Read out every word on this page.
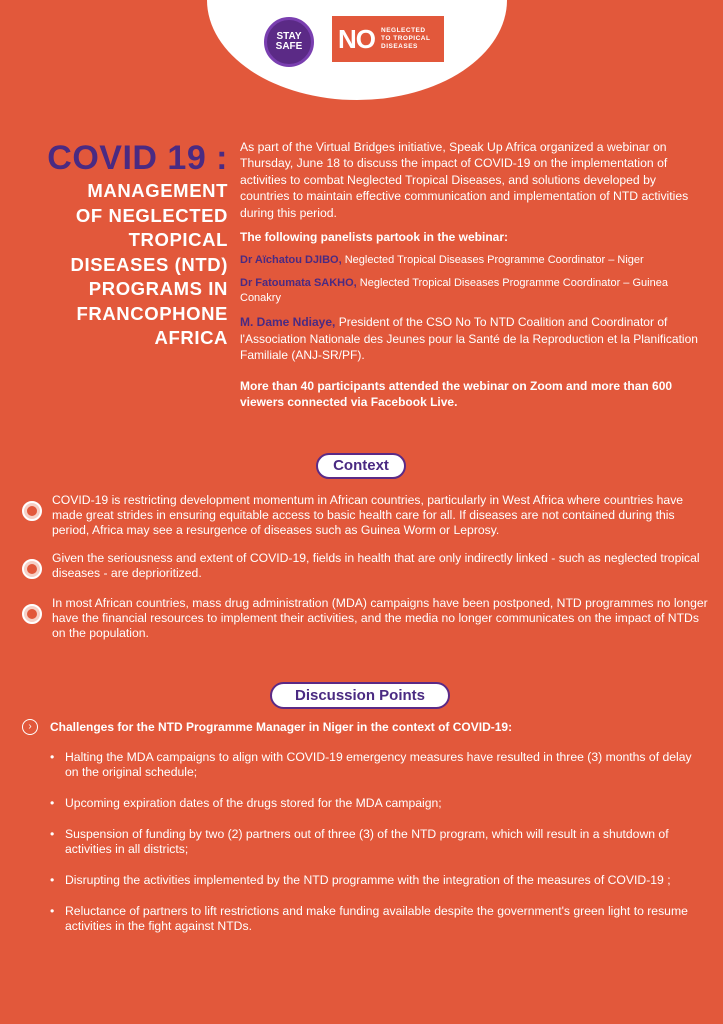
STAY
SAFE NO NEGLECTED
TO TROPICAL
DISEASES
COVID 19 :
MANAGEMENT
OF NEGLECTED
TROPICAL
DISEASES (NTD)
PROGRAMS IN
FRANCOPHONE
AFRICA

As part of the Virtual Bridges initiative, Speak Up Africa organized a webinar on Thursday, June 18 to discuss the impact of COVID-19 on the implementation of activities to combat Neglected Tropical Diseases, and solutions developed by countries to maintain effective communication and implementation of NTD activities during this period.

The following panelists partook in the webinar:

Dr Aïchatou DJIBO, Neglected Tropical Diseases Programme Coordinator – Niger

Dr Fatoumata SAKHO, Neglected Tropical Diseases Programme Coordinator – Guinea Conakry

M. Dame Ndiaye, President of the CSO No To NTD Coalition and Coordinator of l'Association Nationale des Jeunes pour la Santé de la Reproduction et la Planification Familiale (ANJ-SR/PF).

More than 40 participants attended the webinar on Zoom and more than 600 viewers connected via Facebook Live.

Context
COVID-19 is restricting development momentum in African countries, particularly in West Africa where countries have made great strides in ensuring equitable access to basic health care for all. If diseases are not contained during this period, Africa may see a resurgence of diseases such as Guinea Worm or Leprosy.
Given the seriousness and extent of COVID-19, fields in health that are only indirectly linked - such as neglected tropical diseases - are deprioritized.
In most African countries, mass drug administration (MDA) campaigns have been postponed, NTD programmes no longer have the financial resources to implement their activities, and the media no longer communicates on the impact of NTDs on the population.
Discussion Points
›	Challenges for the NTD Programme Manager in Niger in the context of COVID-19:
• Halting the MDA campaigns to align with COVID-19 emergency measures have resulted in three (3) months of delay on the original schedule;
• Upcoming expiration dates of the drugs stored for the MDA campaign;
• Suspension of funding by two (2) partners out of three (3) of the NTD program, which will result in a shutdown of activities in all districts;
• Disrupting the activities implemented by the NTD programme with the integration of the measures of COVID-19 ;
• Reluctance of partners to lift restrictions and make funding available despite the government's green light to resume activities in the fight against NTDs.
